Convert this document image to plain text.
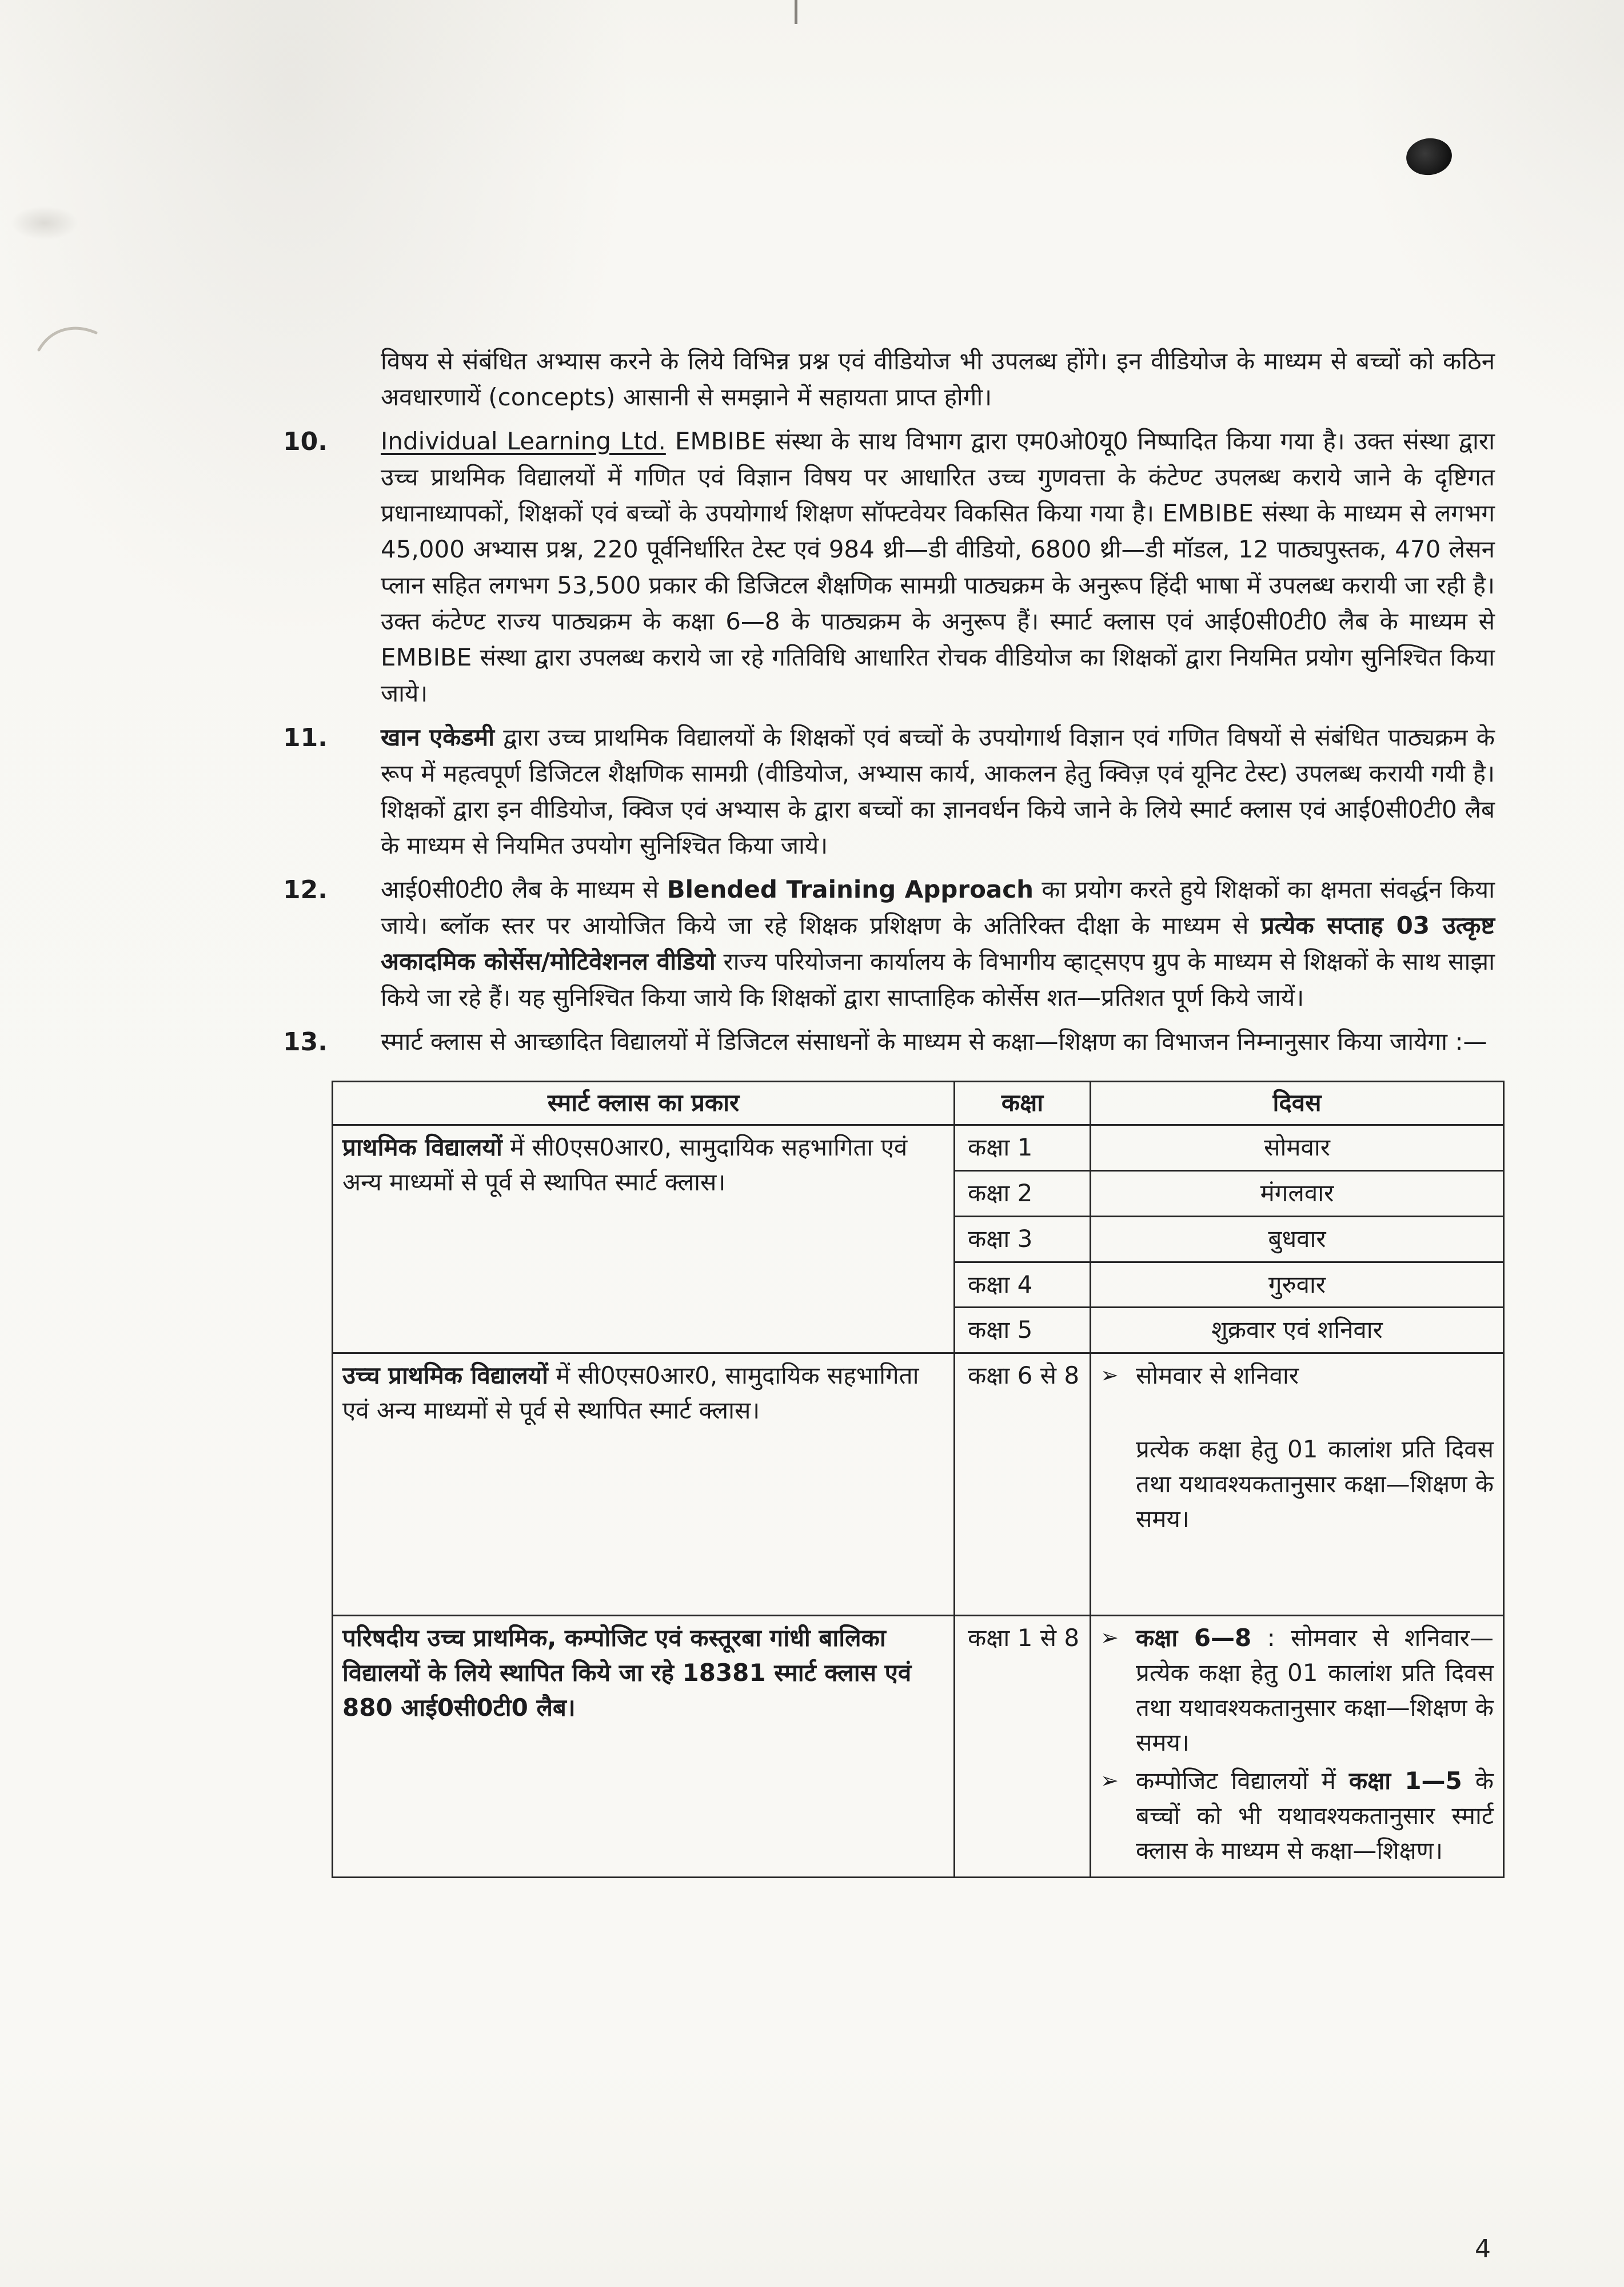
विषय से संबंधित अभ्यास करने के लिये विभिन्न प्रश्न एवं वीडियोज भी उपलब्ध होंगे। इन वीडियोज के माध्यम से बच्चों को कठिन अवधारणायें (concepts) आसानी से समझाने में सहायता प्राप्त होगी।
10.	Individual Learning Ltd. EMBIBE संस्था के साथ विभाग द्वारा एम0ओ0यू0 निष्पादित किया गया है। उक्त संस्था द्वारा उच्च प्राथमिक विद्यालयों में गणित एवं विज्ञान विषय पर आधारित उच्च गुणवत्ता के कंटेण्ट उपलब्ध कराये जाने के दृष्टिगत प्रधानाध्यापकों, शिक्षकों एवं बच्चों के उपयोगार्थ शिक्षण सॉफ्टवेयर विकसित किया गया है। EMBIBE संस्था के माध्यम से लगभग 45,000 अभ्यास प्रश्न, 220 पूर्वनिर्धारित टेस्ट एवं 984 थ्री—डी वीडियो, 6800 थ्री—डी मॉडल, 12 पाठ्यपुस्तक, 470 लेसन प्लान सहित लगभग 53,500 प्रकार की डिजिटल शैक्षणिक सामग्री पाठ्यक्रम के अनुरूप हिंदी भाषा में उपलब्ध करायी जा रही है। उक्त कंटेण्ट राज्य पाठ्यक्रम के कक्षा 6—8 के पाठ्यक्रम के अनुरूप हैं। स्मार्ट क्लास एवं आई0सी0टी0 लैब के माध्यम से EMBIBE संस्था द्वारा उपलब्ध कराये जा रहे गतिविधि आधारित रोचक वीडियोज का शिक्षकों द्वारा नियमित प्रयोग सुनिश्चित किया जाये।
11.	खान एकेडमी द्वारा उच्च प्राथमिक विद्यालयों के शिक्षकों एवं बच्चों के उपयोगार्थ विज्ञान एवं गणित विषयों से संबंधित पाठ्यक्रम के रूप में महत्वपूर्ण डिजिटल शैक्षणिक सामग्री (वीडियोज, अभ्यास कार्य, आकलन हेतु क्विज़ एवं यूनिट टेस्ट) उपलब्ध करायी गयी है। शिक्षकों द्वारा इन वीडियोज, क्विज एवं अभ्यास के द्वारा बच्चों का ज्ञानवर्धन किये जाने के लिये स्मार्ट क्लास एवं आई0सी0टी0 लैब के माध्यम से नियमित उपयोग सुनिश्चित किया जाये।
12.	आई0सी0टी0 लैब के माध्यम से Blended Training Approach का प्रयोग करते हुये शिक्षकों का क्षमता संवर्द्धन किया जाये। ब्लॉक स्तर पर आयोजित किये जा रहे शिक्षक प्रशिक्षण के अतिरिक्त दीक्षा के माध्यम से प्रत्येक सप्ताह 03 उत्कृष्ट अकादमिक कोर्सेस/मोटिवेशनल वीडियो राज्य परियोजना कार्यालय के विभागीय व्हाट्सएप ग्रुप के माध्यम से शिक्षकों के साथ साझा किये जा रहे हैं। यह सुनिश्चित किया जाये कि शिक्षकों द्वारा साप्ताहिक कोर्सेस शत—प्रतिशत पूर्ण किये जायें।
13.	स्मार्ट क्लास से आच्छादित विद्यालयों में डिजिटल संसाधनों के माध्यम से कक्षा—शिक्षण का विभाजन निम्नानुसार किया जायेगा :—
स्मार्ट क्लास का प्रकार	कक्षा	दिवस
प्राथमिक विद्यालयों में सी0एस0आर0, सामुदायिक सहभागिता एवं अन्य माध्यमों से पूर्व से स्थापित स्मार्ट क्लास।	कक्षा 1	सोमवार
	कक्षा 2	मंगलवार
	कक्षा 3	बुधवार
	कक्षा 4	गुरुवार
	कक्षा 5	शुक्रवार एवं शनिवार
उच्च प्राथमिक विद्यालयों में सी0एस0आर0, सामुदायिक सहभागिता एवं अन्य माध्यमों से पूर्व से स्थापित स्मार्ट क्लास।	कक्षा 6 से 8	➢ सोमवार से शनिवार
प्रत्येक कक्षा हेतु 01 कालांश प्रति दिवस तथा यथावश्यकतानुसार कक्षा—शिक्षण के समय।

परिषदीय उच्च प्राथमिक, कम्पोजिट एवं कस्तूरबा गांधी बालिका विद्यालयों के लिये स्थापित किये जा रहे 18381 स्मार्ट क्लास एवं 880 आई0सी0टी0 लैब।	कक्षा 1 से 8	➢ कक्षा 6—8 : सोमवार से शनिवार—प्रत्येक कक्षा हेतु 01 कालांश प्रति दिवस तथा यथावश्यकतानुसार कक्षा—शिक्षण के समय।
➢ कम्पोजिट विद्यालयों में कक्षा 1—5 के बच्चों को भी यथावश्यकतानुसार स्मार्ट क्लास के माध्यम से कक्षा—शिक्षण।
4
